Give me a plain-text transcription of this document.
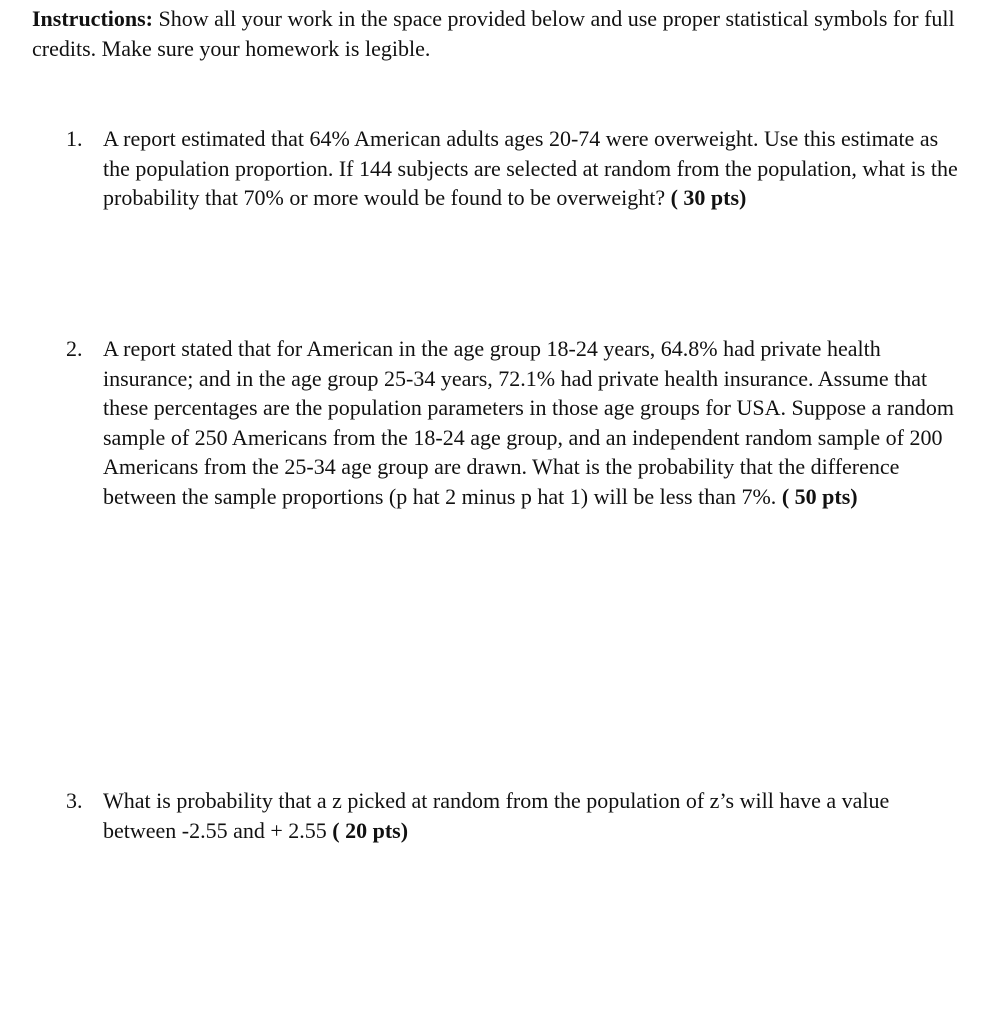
Instructions: Show all your work in the space provided below and use proper statistical symbols for full credits. Make sure your homework is legible.
1. A report estimated that 64% American adults ages 20-74 were overweight. Use this estimate as the population proportion. If 144 subjects are selected at random from the population, what is the probability that 70% or more would be found to be overweight? ( 30 pts)
2. A report stated that for American in the age group 18-24 years, 64.8% had private health insurance; and in the age group 25-34 years, 72.1% had private health insurance. Assume that these percentages are the population parameters in those age groups for USA. Suppose a random sample of 250 Americans from the 18-24 age group, and an independent random sample of 200 Americans from the 25-34 age group are drawn. What is the probability that the difference between the sample proportions (p hat 2 minus p hat 1) will be less than 7%. ( 50 pts)
3. What is probability that a z picked at random from the population of z’s will have a value between -2.55 and + 2.55 ( 20 pts)
